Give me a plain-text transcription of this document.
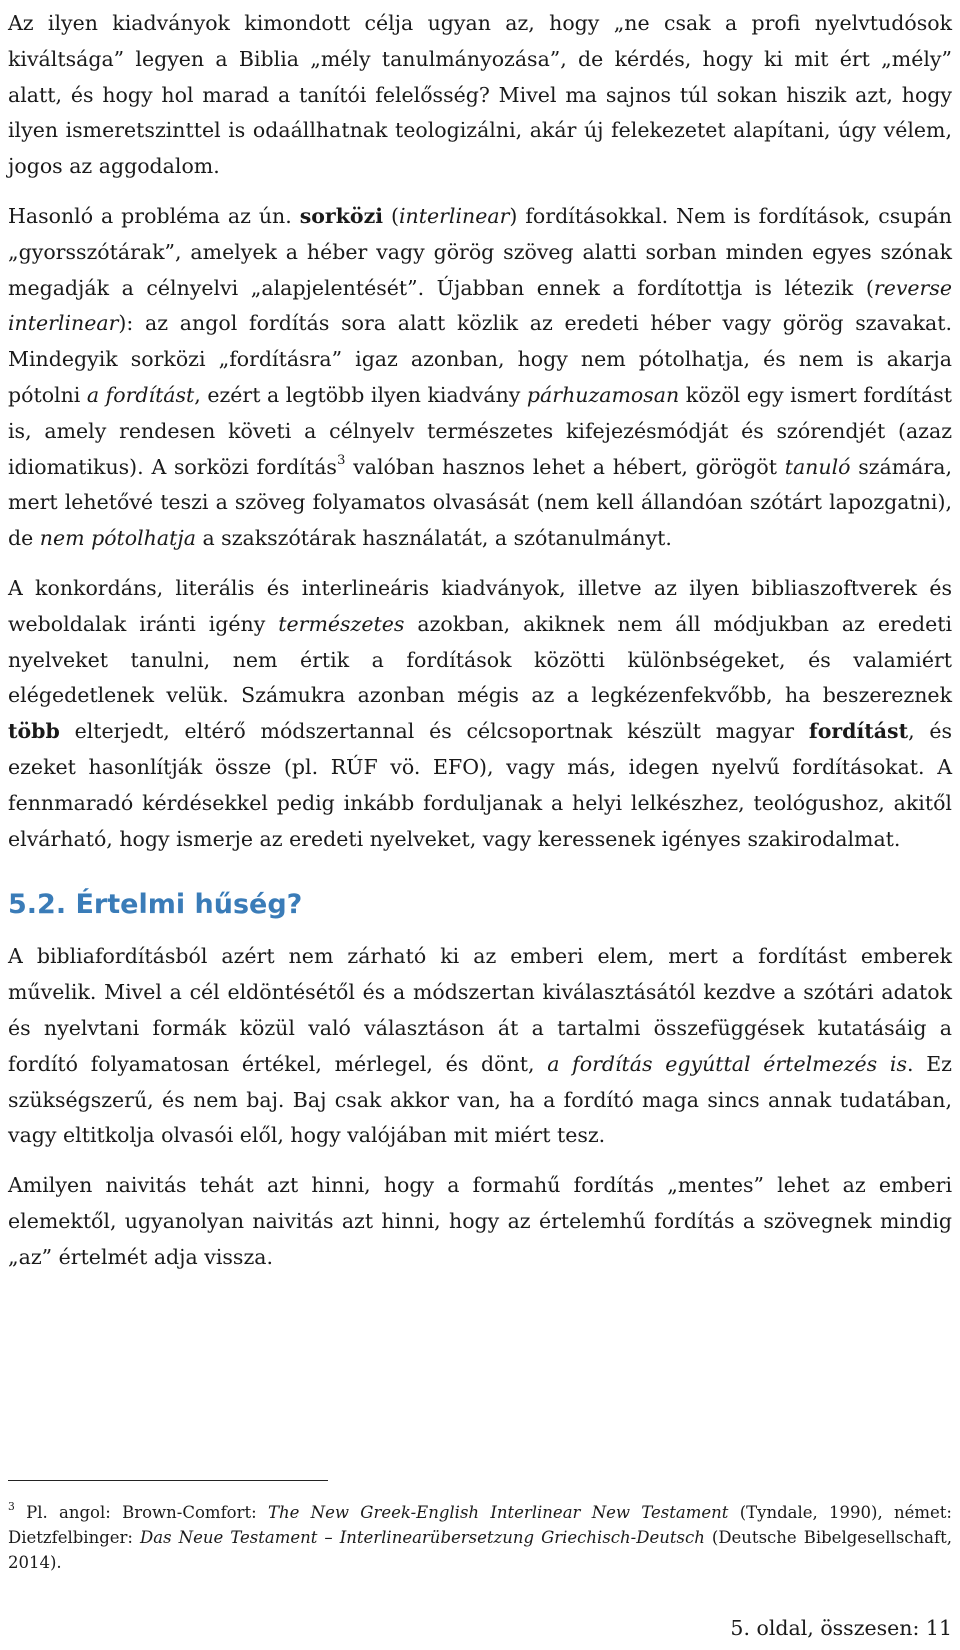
Az ilyen kiadványok kimondott célja ugyan az, hogy „ne csak a profi nyelvtudósok kiváltsága” legyen a Biblia „mély tanulmányozása”, de kérdés, hogy ki mit ért „mély” alatt, és hogy hol marad a tanítói felelősség? Mivel ma sajnos túl sokan hiszik azt, hogy ilyen ismeretszinttel is odaállhatnak teologizálni, akár új felekezetet alapítani, úgy vélem, jogos az aggodalom.

Hasonló a probléma az ún. sorközi (interlinear) fordításokkal. Nem is fordítások, csupán „gyorsszótárak”, amelyek a héber vagy görög szöveg alatti sorban minden egyes szónak megadják a célnyelvi „alapjelentését”. Újabban ennek a fordítottja is létezik (reverse interlinear): az angol fordítás sora alatt közlik az eredeti héber vagy görög szavakat. Mindegyik sorközi „fordításra” igaz azonban, hogy nem pótolhatja, és nem is akarja pótolni a fordítást, ezért a legtöbb ilyen kiadvány párhuzamosan közöl egy ismert fordítást is, amely rendesen követi a célnyelv természetes kifejezésmódját és szórendjét (azaz idiomatikus). A sorközi fordítás$^3$ valóban hasznos lehet a hébert, görögöt tanuló számára, mert lehetővé teszi a szöveg folyamatos olvasását (nem kell állandóan szótárt lapozgatni), de nem pótolhatja a szakszótárak használatát, a szótanulmányt.

A konkordáns, literális és interlineáris kiadványok, illetve az ilyen bibliaszoftverek és weboldalak iránti igény természetes azokban, akiknek nem áll módjukban az eredeti nyelveket tanulni, nem értik a fordítások közötti különbségeket, és valamiért elégedetlenek velük. Számukra azonban mégis az a legkézenfekvőbb, ha beszereznek több elterjedt, eltérő módszertannal és célcsoportnak készült magyar fordítást, és ezeket hasonlítják össze (pl. RÚF vö. EFO), vagy más, idegen nyelvű fordításokat. A fennmaradó kérdésekkel pedig inkább forduljanak a helyi lelkészhez, teológushoz, akitől elvárható, hogy ismerje az eredeti nyelveket, vagy keressenek igényes szakirodalmat.

5.2. Értelmi hűség?

A bibliafordításból azért nem zárható ki az emberi elem, mert a fordítást emberek művelik. Mivel a cél eldöntésétől és a módszertan kiválasztásától kezdve a szótári adatok és nyelvtani formák közül való választáson át a tartalmi összefüggések kutatásáig a fordító folyamatosan értékel, mérlegel, és dönt, a fordítás egyúttal értelmezés is. Ez szükségszerű, és nem baj. Baj csak akkor van, ha a fordító maga sincs annak tudatában, vagy eltitkolja olvasói elől, hogy valójában mit miért tesz.

Amilyen naivitás tehát azt hinni, hogy a formahű fordítás „mentes” lehet az emberi elemektől, ugyanolyan naivitás azt hinni, hogy az értelemhű fordítás a szövegnek mindig „az” értelmét adja vissza.

$^3$ Pl. angol: Brown-Comfort: The New Greek-English Interlinear New Testament (Tyndale, 1990), német: Dietzfelbinger: Das Neue Testament – Interlinearübersetzung Griechisch-Deutsch (Deutsche Bibelgesellschaft, 2014).

5. oldal, összesen: 11
